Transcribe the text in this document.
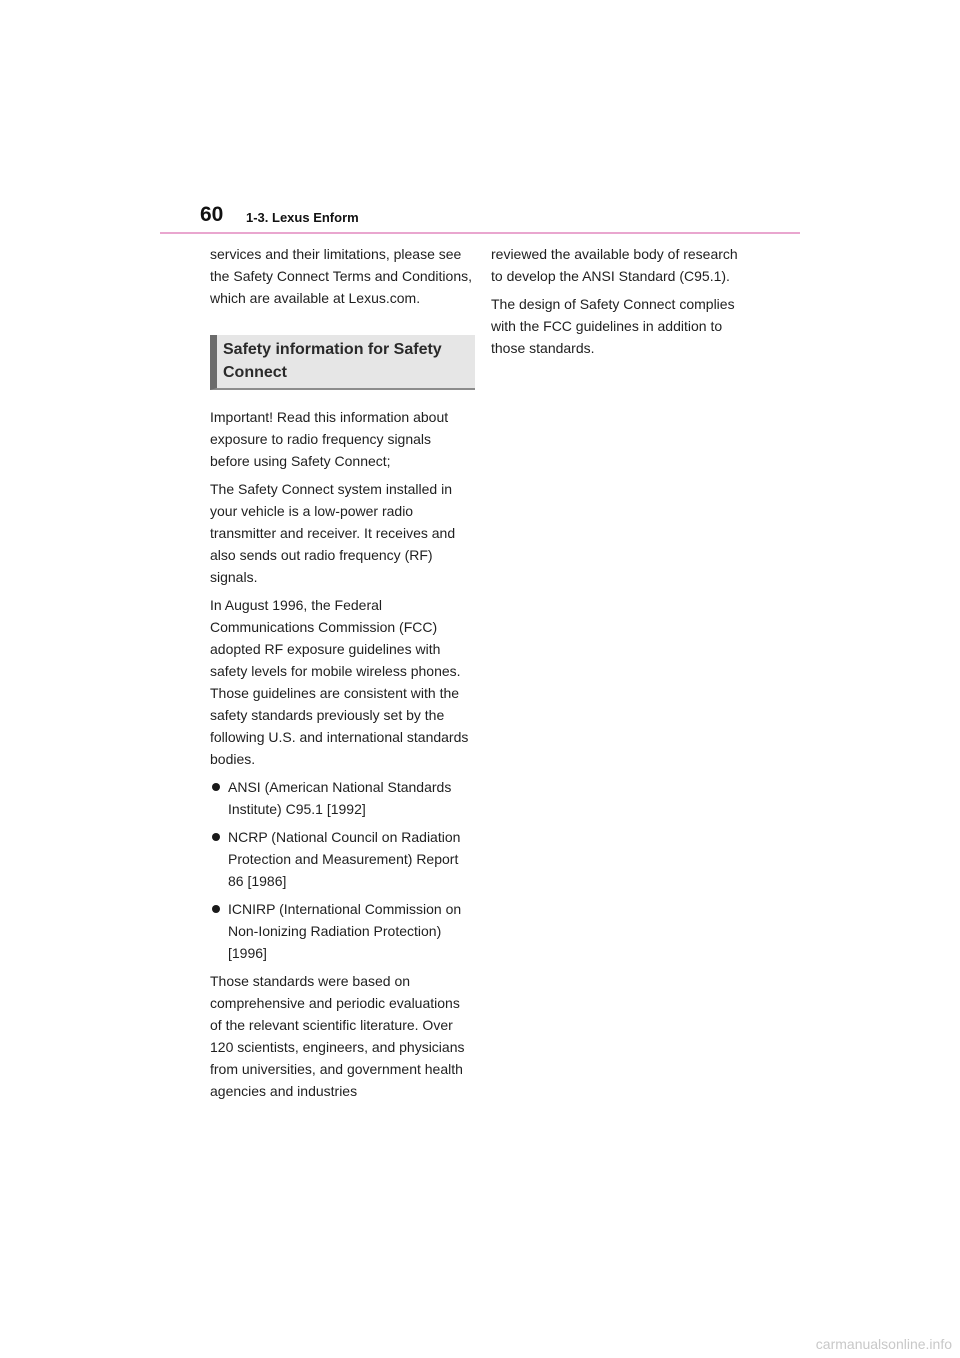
60 1-3. Lexus Enform

services and their limitations, please see the Safety Connect Terms and Conditions, which are available at Lexus.com.

Safety information for Safety Connect

Important! Read this information about exposure to radio frequency signals before using Safety Connect;

The Safety Connect system installed in your vehicle is a low-power radio transmitter and receiver. It receives and also sends out radio frequency (RF) signals.

In August 1996, the Federal Communications Commission (FCC) adopted RF exposure guidelines with safety levels for mobile wireless phones. Those guidelines are consistent with the safety standards previously set by the following U.S. and international standards bodies.

ANSI (American National Standards Institute) C95.1 [1992]
NCRP (National Council on Radiation Protection and Measurement) Report 86 [1986]
ICNIRP (International Commission on Non-Ionizing Radiation Protection) [1996]

Those standards were based on comprehensive and periodic evaluations of the relevant scientific literature. Over 120 scientists, engineers, and physicians from universities, and government health agencies and industries

reviewed the available body of research to develop the ANSI Standard (C95.1).

The design of Safety Connect complies with the FCC guidelines in addition to those standards.

carmanualsonline.info
